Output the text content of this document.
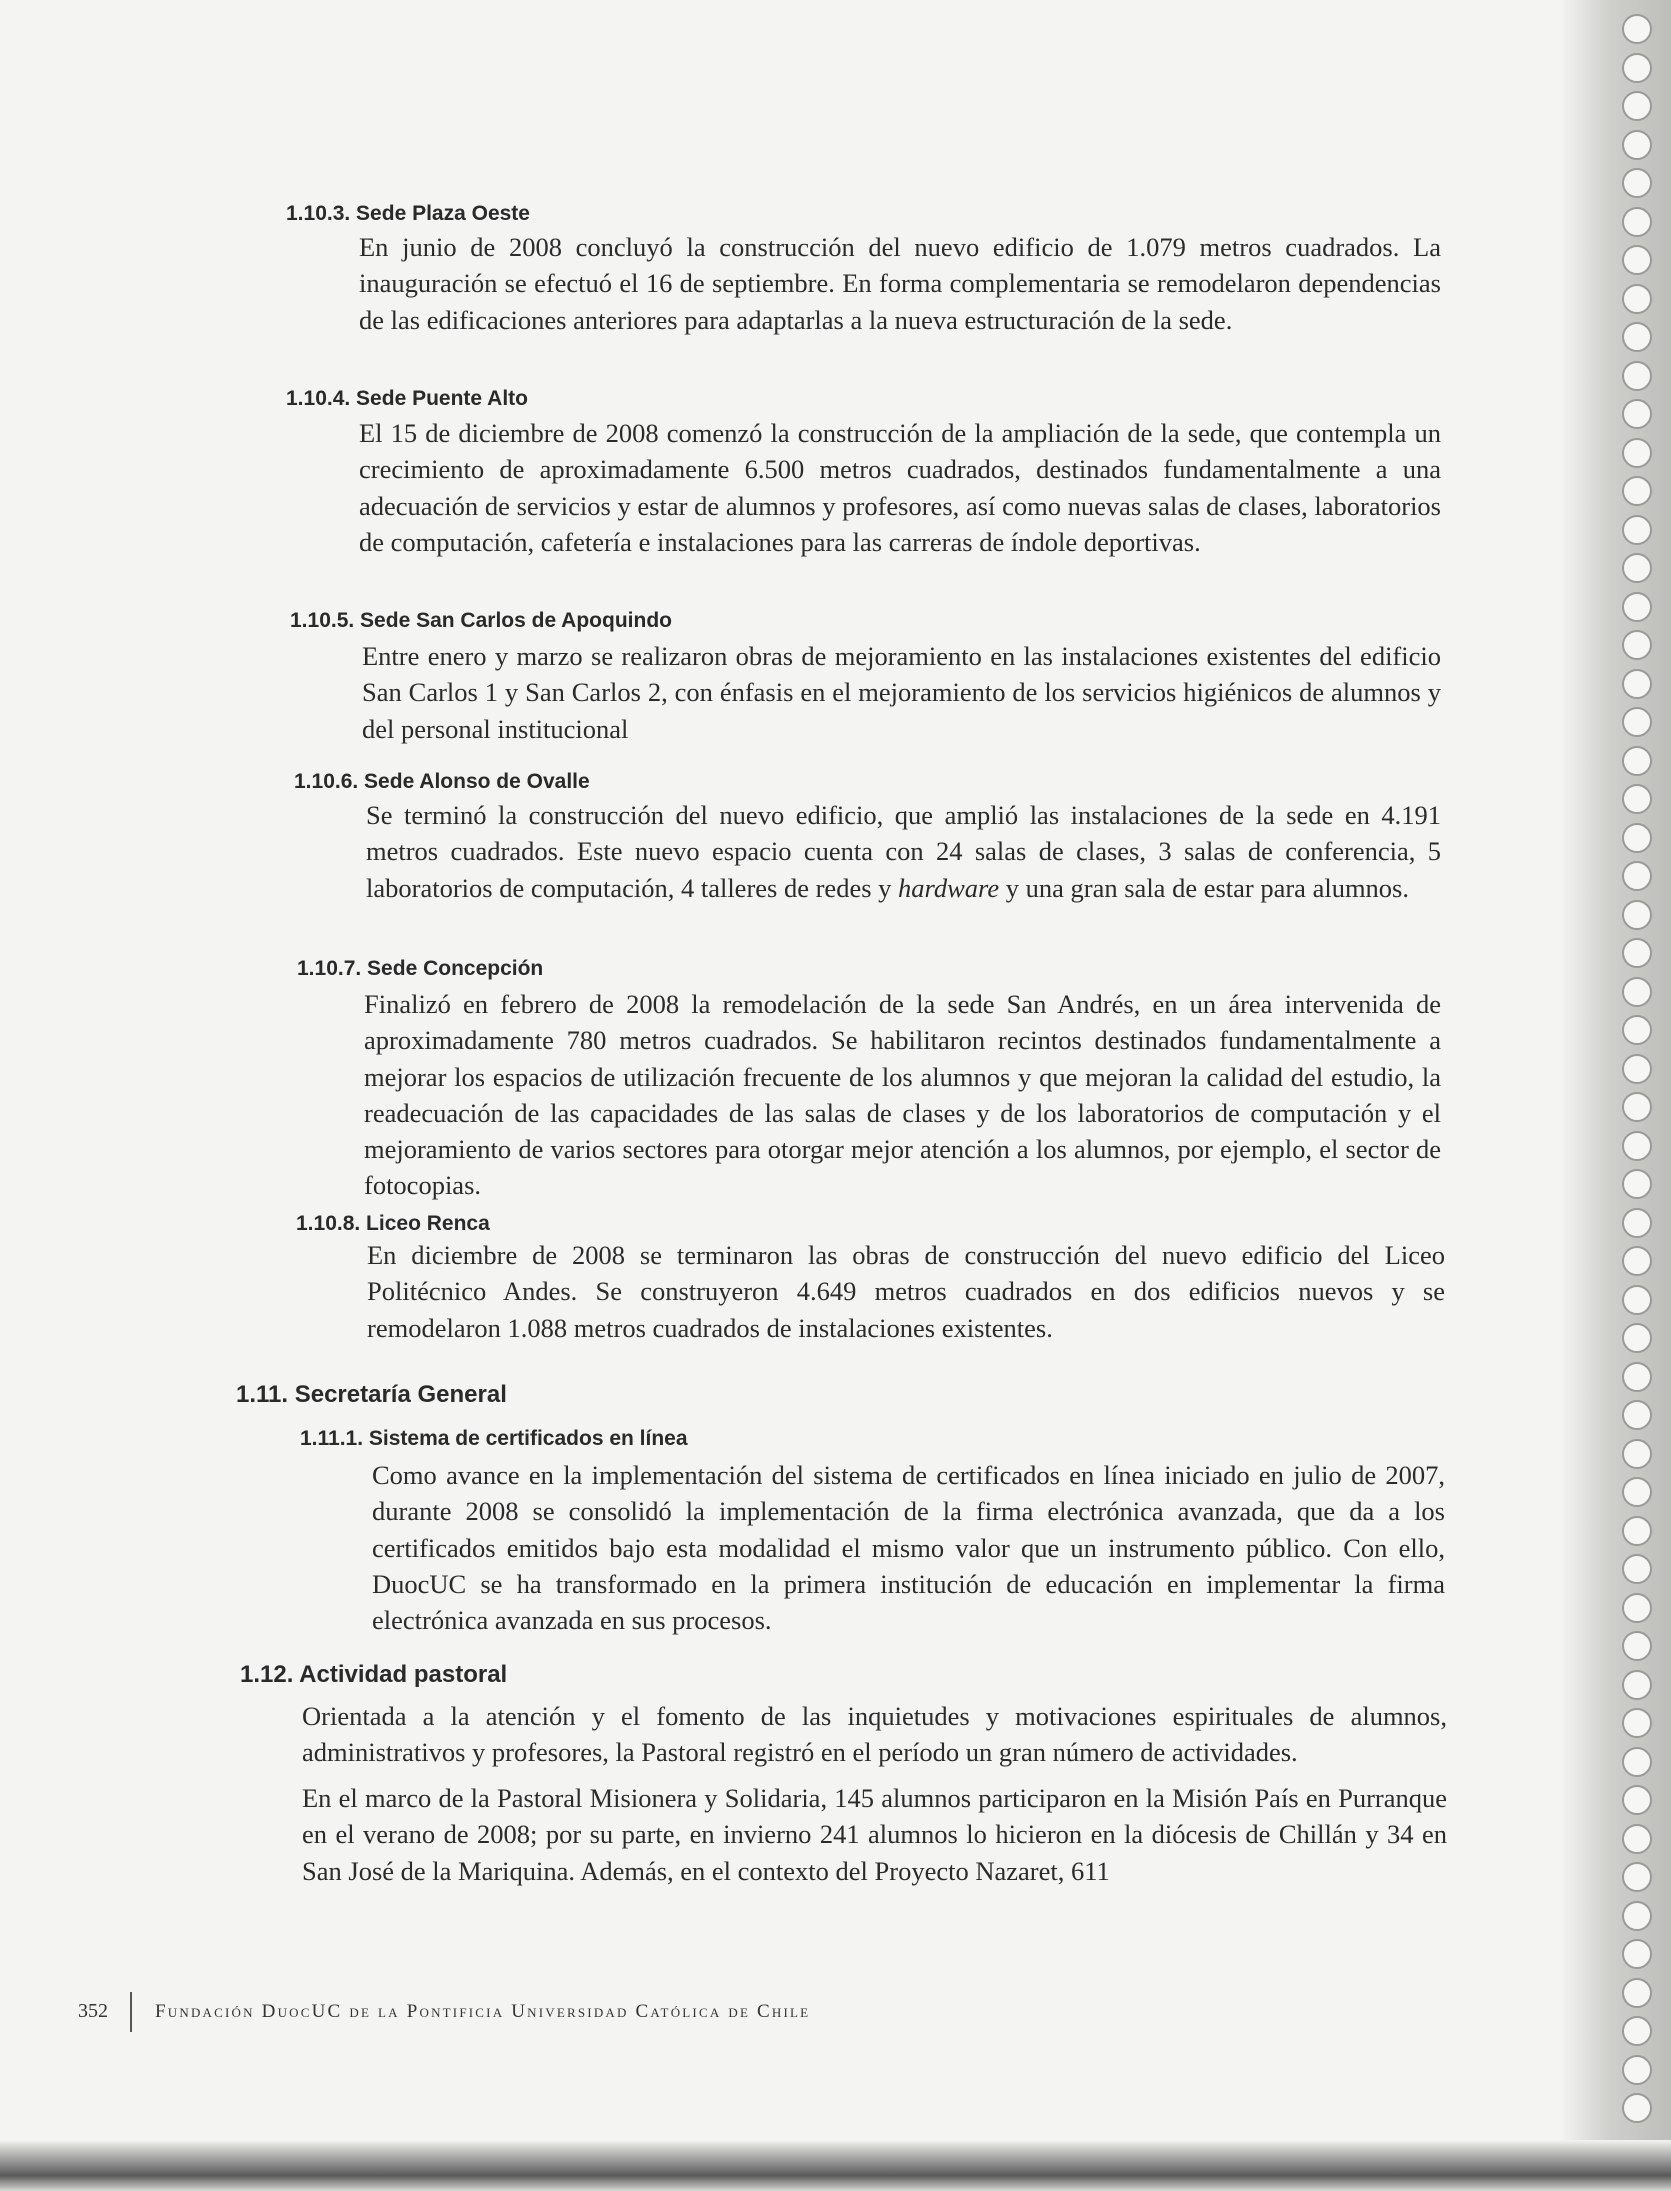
1.10.3. Sede Plaza Oeste
En junio de 2008 concluyó la construcción del nuevo edificio de 1.079 metros cuadrados. La inauguración se efectuó el 16 de septiembre. En forma complementaria se remodelaron dependencias de las edificaciones anteriores para adaptarlas a la nueva estructuración de la sede.
1.10.4. Sede Puente Alto
El 15 de diciembre de 2008 comenzó la construcción de la ampliación de la sede, que contempla un crecimiento de aproximadamente 6.500 metros cuadrados, destinados fundamentalmente a una adecuación de servicios y estar de alumnos y profesores, así como nuevas salas de clases, laboratorios de computación, cafetería e instalaciones para las carreras de índole deportivas.
1.10.5. Sede San Carlos de Apoquindo
Entre enero y marzo se realizaron obras de mejoramiento en las instalaciones existentes del edificio San Carlos 1 y San Carlos 2, con énfasis en el mejoramiento de los servicios higiénicos de alumnos y del personal institucional
1.10.6. Sede Alonso de Ovalle
Se terminó la construcción del nuevo edificio, que amplió las instalaciones de la sede en 4.191 metros cuadrados. Este nuevo espacio cuenta con 24 salas de clases, 3 salas de conferencia, 5 laboratorios de computación, 4 talleres de redes y hardware y una gran sala de estar para alumnos.
1.10.7. Sede Concepción
Finalizó en febrero de 2008 la remodelación de la sede San Andrés, en un área intervenida de aproximadamente 780 metros cuadrados. Se habilitaron recintos destinados fundamentalmente a mejorar los espacios de utilización frecuente de los alumnos y que mejoran la calidad del estudio, la readecuación de las capacidades de las salas de clases y de los laboratorios de computación y el mejoramiento de varios sectores para otorgar mejor atención a los alumnos, por ejemplo, el sector de fotocopias.
1.10.8. Liceo Renca
En diciembre de 2008 se terminaron las obras de construcción del nuevo edificio del Liceo Politécnico Andes. Se construyeron 4.649 metros cuadrados en dos edificios nuevos y se remodelaron 1.088 metros cuadrados de instalaciones existentes.
1.11. Secretaría General
1.11.1. Sistema de certificados en línea
Como avance en la implementación del sistema de certificados en línea iniciado en julio de 2007, durante 2008 se consolidó la implementación de la firma electrónica avanzada, que da a los certificados emitidos bajo esta modalidad el mismo valor que un instrumento público. Con ello, DuocUC se ha transformado en la primera institución de educación en implementar la firma electrónica avanzada en sus procesos.
1.12. Actividad pastoral
Orientada a la atención y el fomento de las inquietudes y motivaciones espirituales de alumnos, administrativos y profesores, la Pastoral registró en el período un gran número de actividades.
En el marco de la Pastoral Misionera y Solidaria, 145 alumnos participaron en la Misión País en Purranque en el verano de 2008; por su parte, en invierno 241 alumnos lo hicieron en la diócesis de Chillán y 34 en San José de la Mariquina. Además, en el contexto del Proyecto Nazaret, 611
352 Fundación DuocUC de la Pontificia Universidad Católica de Chile
